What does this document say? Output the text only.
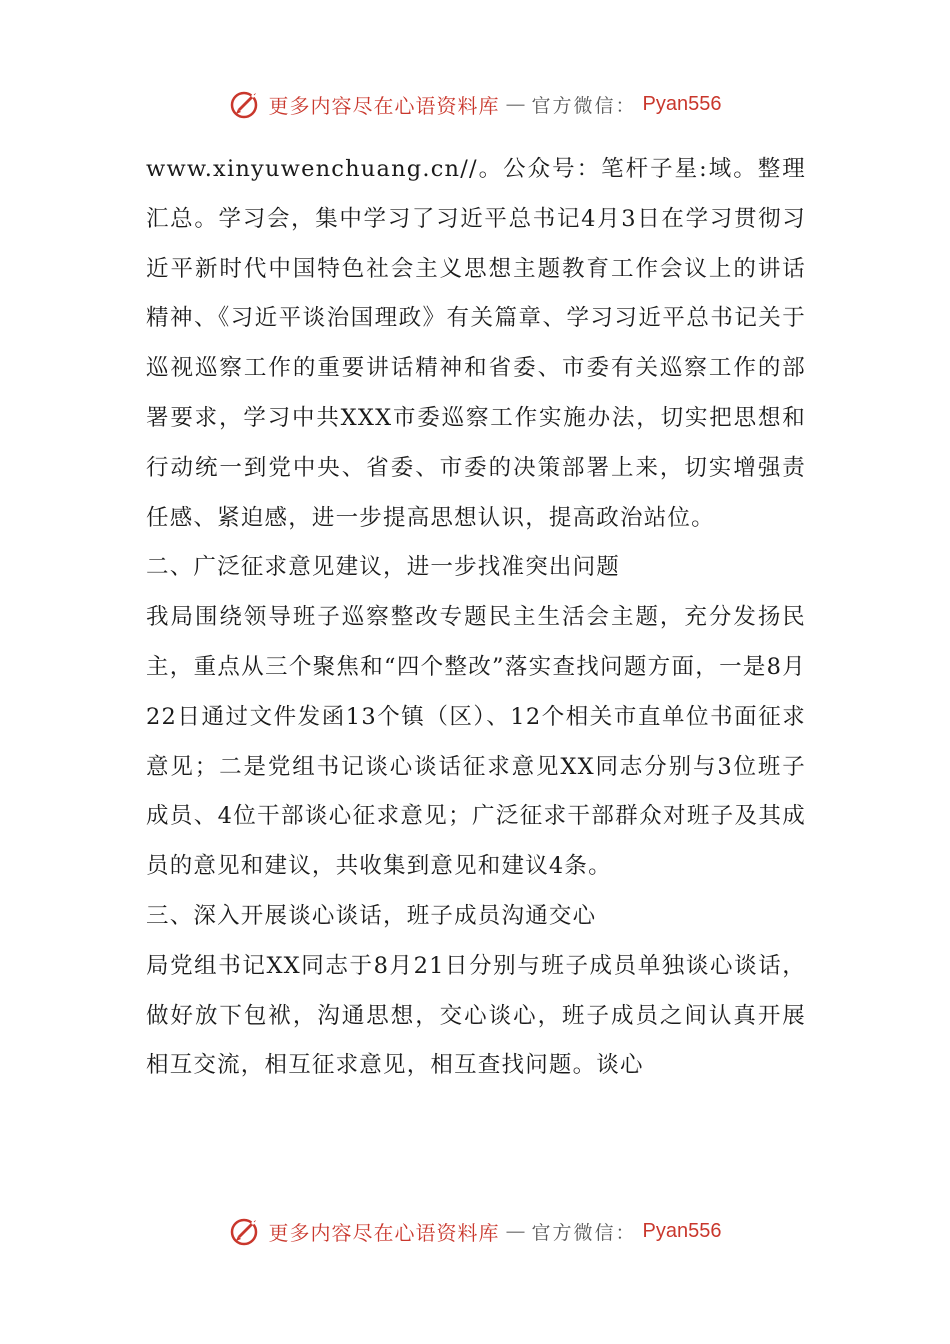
更多内容尽在心语资料库 — 官方微信： Pyan556

www.xinyuwenchuang.cn//。公众号：笔杆子星:域。整理汇总。学习会，集中学习了习近平总书记4月3日在学习贯彻习近平新时代中国特色社会主义思想主题教育工作会议上的讲话精神、《习近平谈治国理政》有关篇章、学习习近平总书记关于巡视巡察工作的重要讲话精神和省委、市委有关巡察工作的部署要求，学习中共XXX市委巡察工作实施办法，切实把思想和行动统一到党中央、省委、市委的决策部署上来，切实增强责任感、紧迫感，进一步提高思想认识，提高政治站位。

二、广泛征求意见建议，进一步找准突出问题

我局围绕领导班子巡察整改专题民主生活会主题，充分发扬民主，重点从三个聚焦和“四个整改”落实查找问题方面，一是8月22日通过文件发函13个镇（区）、12个相关市直单位书面征求意见；二是党组书记谈心谈话征求意见XX同志分别与3位班子成员、4位干部谈心征求意见；广泛征求干部群众对班子及其成员的意见和建议，共收集到意见和建议4条。

三、深入开展谈心谈话，班子成员沟通交心

局党组书记XX同志于8月21日分别与班子成员单独谈心谈话，做好放下包袱，沟通思想，交心谈心，班子成员之间认真开展相互交流，相互征求意见，相互查找问题。谈心

更多内容尽在心语资料库 — 官方微信： Pyan556
